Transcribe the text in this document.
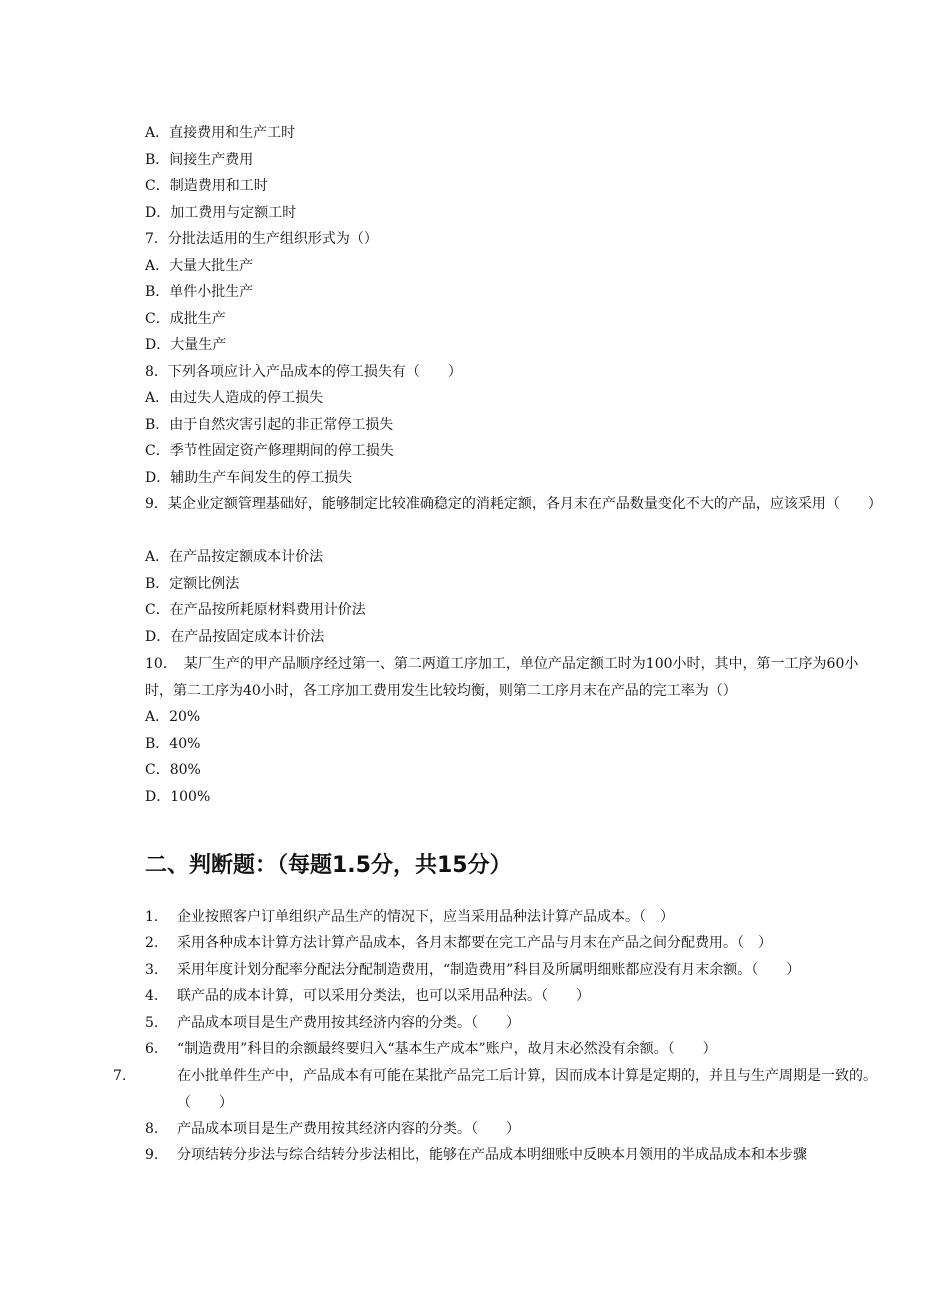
A．直接费用和生产工时
B．间接生产费用
C．制造费用和工时
D．加工费用与定额工时
7．分批法适用的生产组织形式为（）
A．大量大批生产
B．单件小批生产
C．成批生产
D．大量生产
8．下列各项应计入产品成本的停工损失有（　　）
A．由过失人造成的停工损失
B．由于自然灾害引起的非正常停工损失
C．季节性固定资产修理期间的停工损失
D．辅助生产车间发生的停工损失
9．某企业定额管理基础好，能够制定比较准确稳定的消耗定额，各月末在产品数量变化不大的产品，应该采用（　　）
A．在产品按定额成本计价法
B．定额比例法
C．在产品按所耗原材料费用计价法
D．在产品按固定成本计价法
10．　某厂生产的甲产品顺序经过第一、第二两道工序加工，单位产品定额工时为100小时，其中，第一工序为60小时，第二工序为40小时，各工序加工费用发生比较均衡，则第二工序月末在产品的完工率为（）
A．20%
B．40%
C．80%
D．100%
二、判断题：（每题1.5分，共15分）
1. 企业按照客户订单组织产品生产的情况下，应当采用品种法计算产品成本。（　）
2. 采用各种成本计算方法计算产品成本，各月末都要在完工产品与月末在产品之间分配费用。（　）
3. 采用年度计划分配率分配法分配制造费用，“制造费用”科目及所属明细账都应没有月末余额。（　　）
4. 联产品的成本计算，可以采用分类法，也可以采用品种法。（　　）
5. 产品成本项目是生产费用按其经济内容的分类。（　　）
6. “制造费用”科目的余额最终要归入“基本生产成本”账户，故月末必然没有余额。（　　）
7.	在小批单件生产中，产品成本有可能在某批产品完工后计算，因而成本计算是定期的，并且与生产周期是一致的。（　　）
8. 产品成本项目是生产费用按其经济内容的分类。（　　）
9. 分项结转分步法与综合结转分步法相比，能够在产品成本明细账中反映本月领用的半成品成本和本步骤
